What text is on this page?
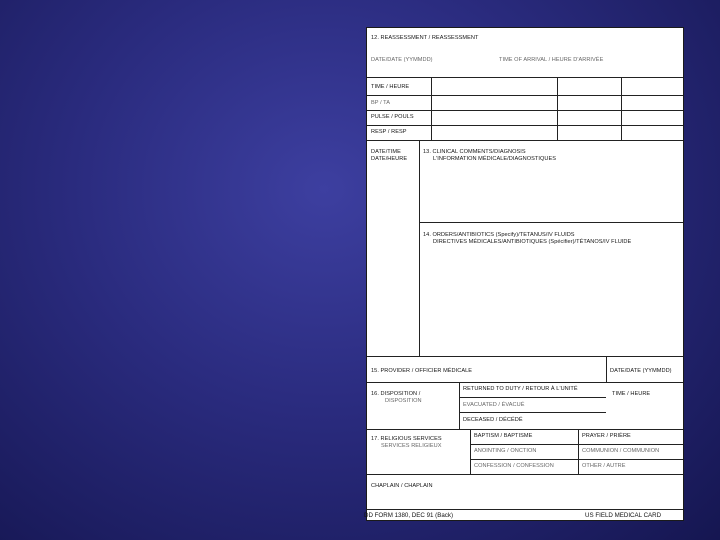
12. REASSESSMENT / REASSESSMENT
DATE/DATE (YYMMDD)	TIME OF ARRIVAL / HEURE D'ARRIVÉE
TIME / HEURE
BP / TA
PULSE / POULS
RESP / RESP
DATE/TIME
DATE/HEURE
13. CLINICAL COMMENTS/DIAGNOSIS
L'INFORMATION MÉDICALE/DIAGNOSTIQUES
14. ORDERS/ANTIBIOTICS (Specify)/TETANUS/IV FLUIDS
DIRECTIVES MÉDICALES/ANTIBIOTIQUES (Spécifier)/TÉTANOS/IV FLUIDE
15. PROVIDER / OFFICIER MÉDICALE	DATE/DATE (YYMMDD)
16. DISPOSITION /
DISPOSITION
RETURNED TO DUTY / RETOUR À L'UNITÉ
EVACUATED / ÉVACUÉ
DECEASED / DÉCÉDÉ
TIME / HEURE
17. RELIGIOUS SERVICES
SERVICES RELIGIEUX
BAPTISM / BAPTISME	PRAYER / PRIÈRE
ANOINTING / ONCTION	COMMUNION / COMMUNION
CONFESSION / CONFESSION	OTHER / AUTRE
CHAPLAIN / CHAPLAIN
DD FORM 1380, DEC 91 (Back)	US FIELD MEDICAL CARD
